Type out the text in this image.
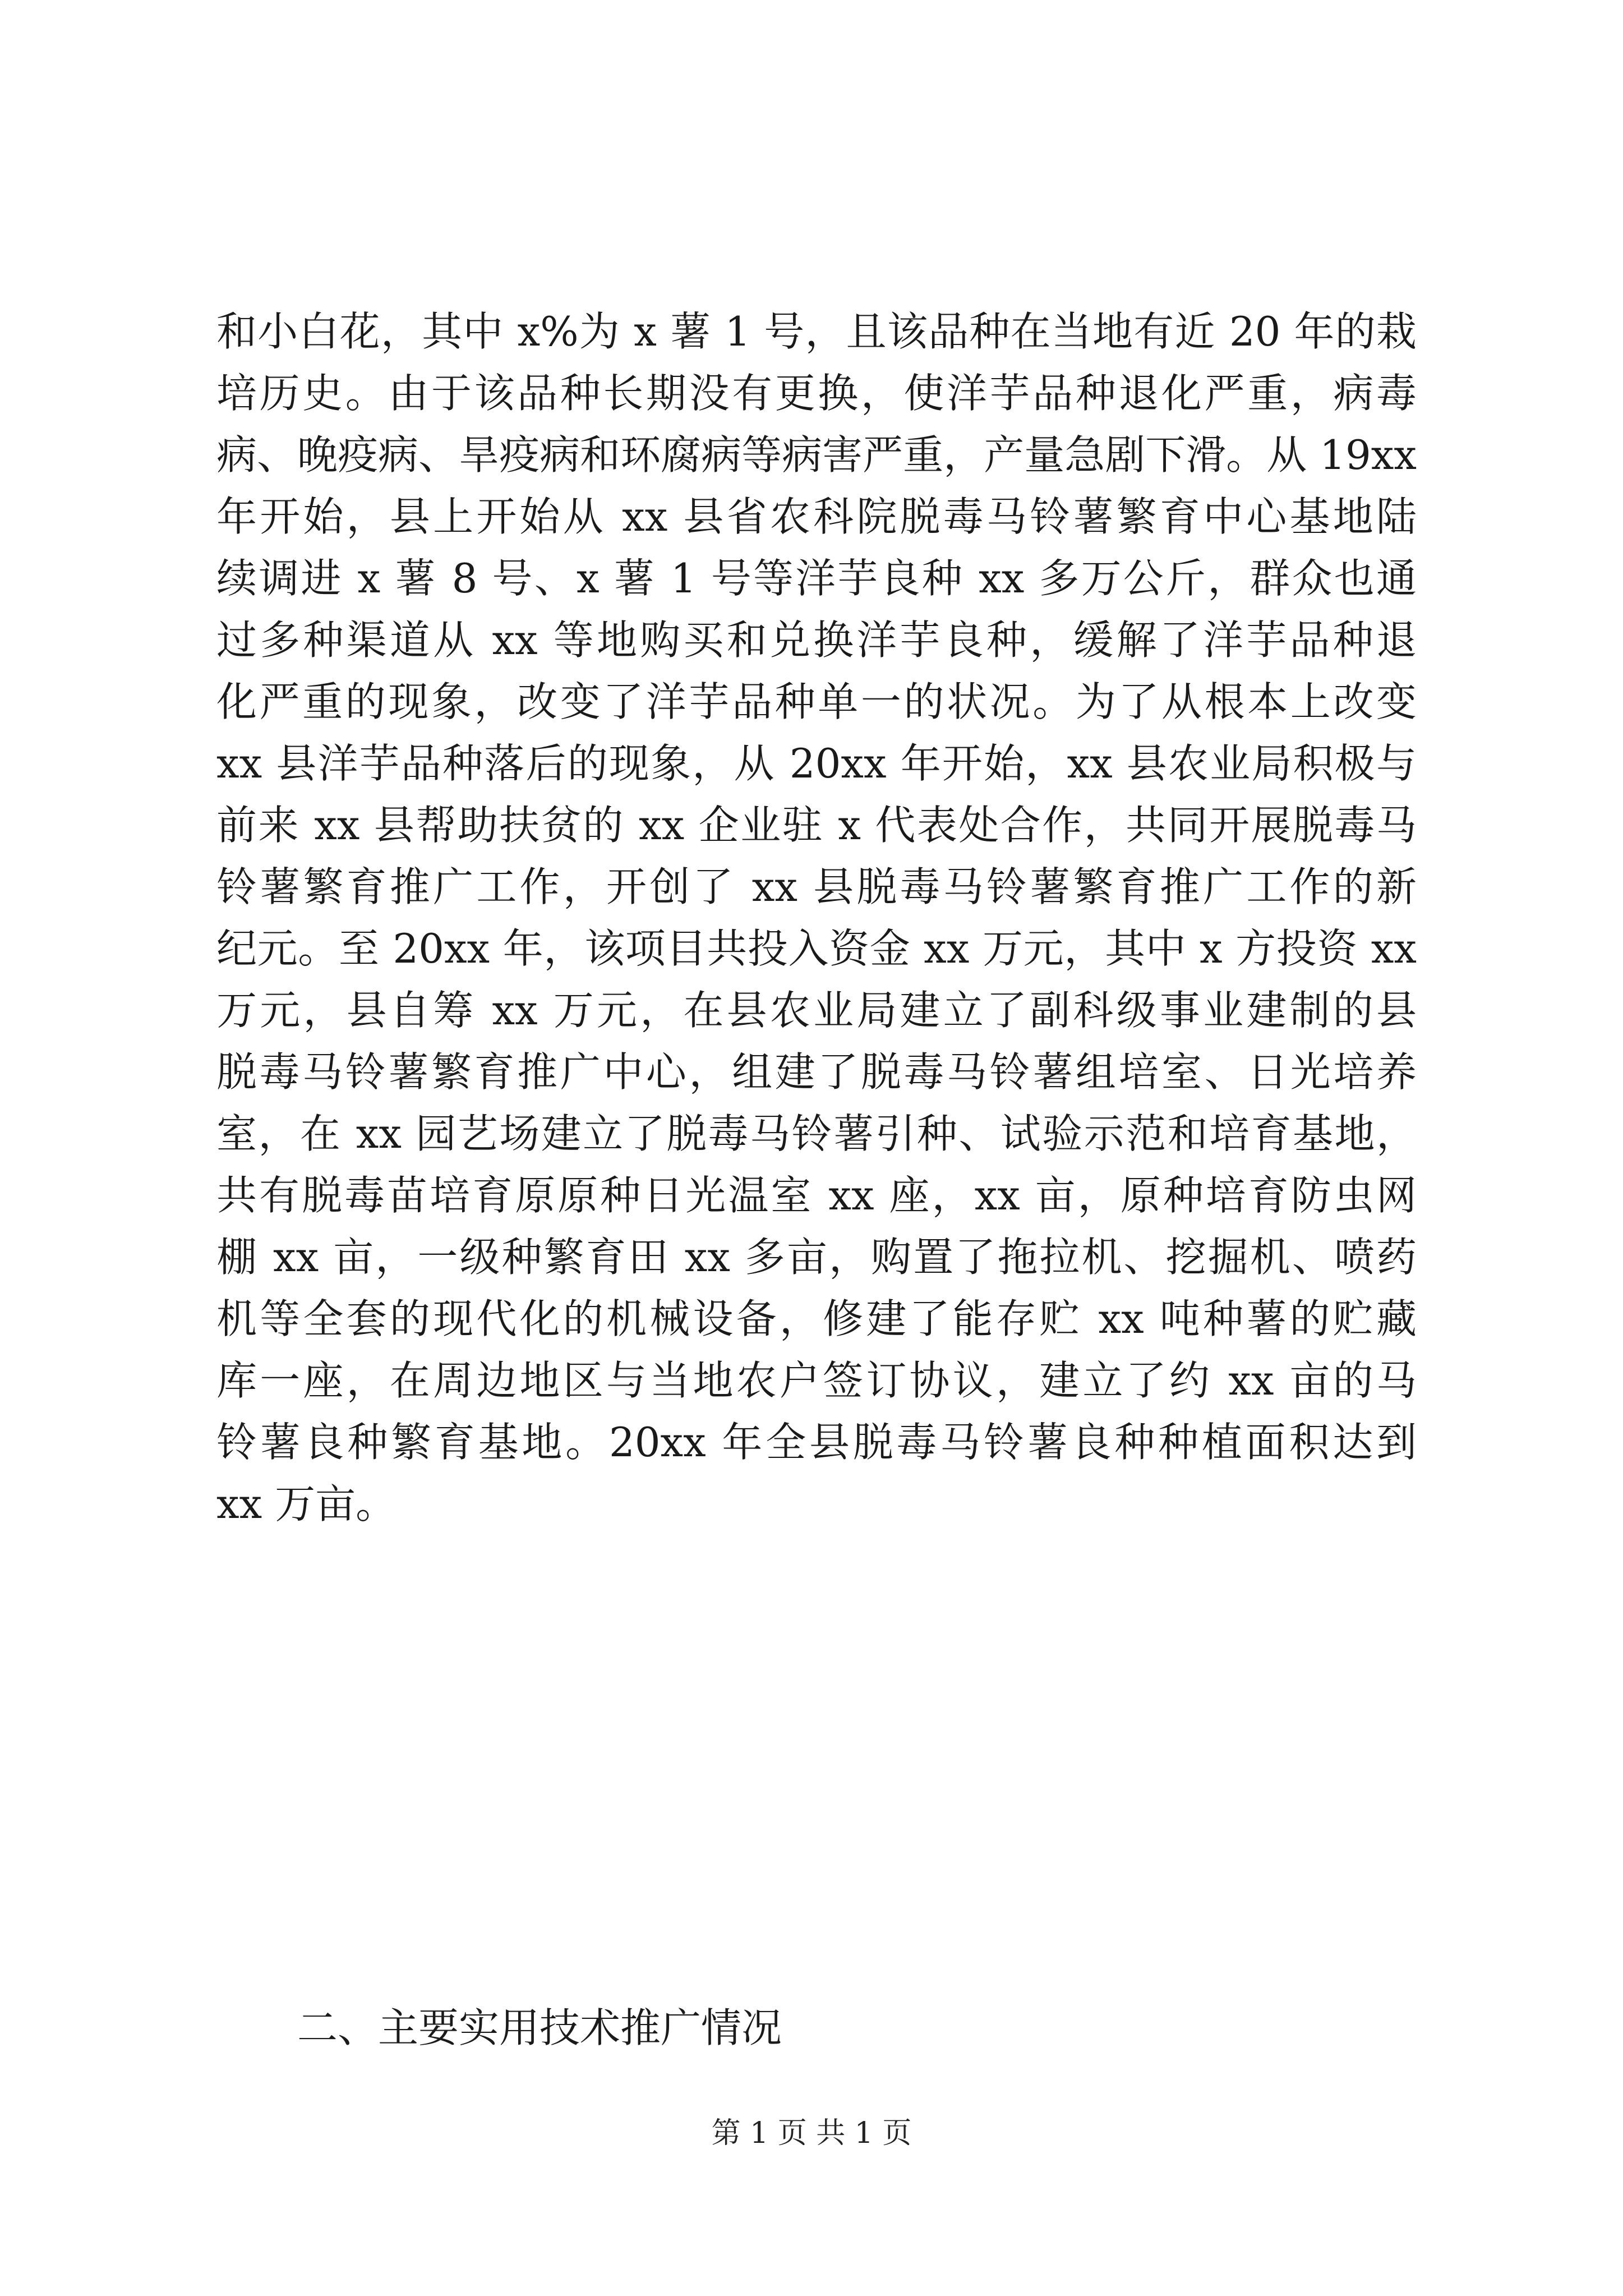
和小白花，其中 x%为 x 薯 1 号，且该品种在当地有近 20 年的栽
培历史。由于该品种长期没有更换，使洋芋品种退化严重，病毒
病、晚疫病、旱疫病和环腐病等病害严重，产量急剧下滑。从 19xx
年开始，县上开始从 xx 县省农科院脱毒马铃薯繁育中心基地陆
续调进 x 薯 8 号、x 薯 1 号等洋芋良种 xx 多万公斤，群众也通
过多种渠道从 xx 等地购买和兑换洋芋良种，缓解了洋芋品种退
化严重的现象，改变了洋芋品种单一的状况。为了从根本上改变
xx 县洋芋品种落后的现象，从 20xx 年开始，xx 县农业局积极与
前来 xx 县帮助扶贫的 xx 企业驻 x 代表处合作，共同开展脱毒马
铃薯繁育推广工作，开创了 xx 县脱毒马铃薯繁育推广工作的新
纪元。至 20xx 年，该项目共投入资金 xx 万元，其中 x 方投资 xx
万元，县自筹 xx 万元，在县农业局建立了副科级事业建制的县
脱毒马铃薯繁育推广中心，组建了脱毒马铃薯组培室、日光培养
室，在 xx 园艺场建立了脱毒马铃薯引种、试验示范和培育基地，
共有脱毒苗培育原原种日光温室 xx 座，xx 亩，原种培育防虫网
棚 xx 亩，一级种繁育田 xx 多亩，购置了拖拉机、挖掘机、喷药
机等全套的现代化的机械设备，修建了能存贮 xx 吨种薯的贮藏
库一座，在周边地区与当地农户签订协议，建立了约 xx 亩的马
铃薯良种繁育基地。20xx 年全县脱毒马铃薯良种种植面积达到
xx 万亩。
二、主要实用技术推广情况
第 1 页 共 1 页
